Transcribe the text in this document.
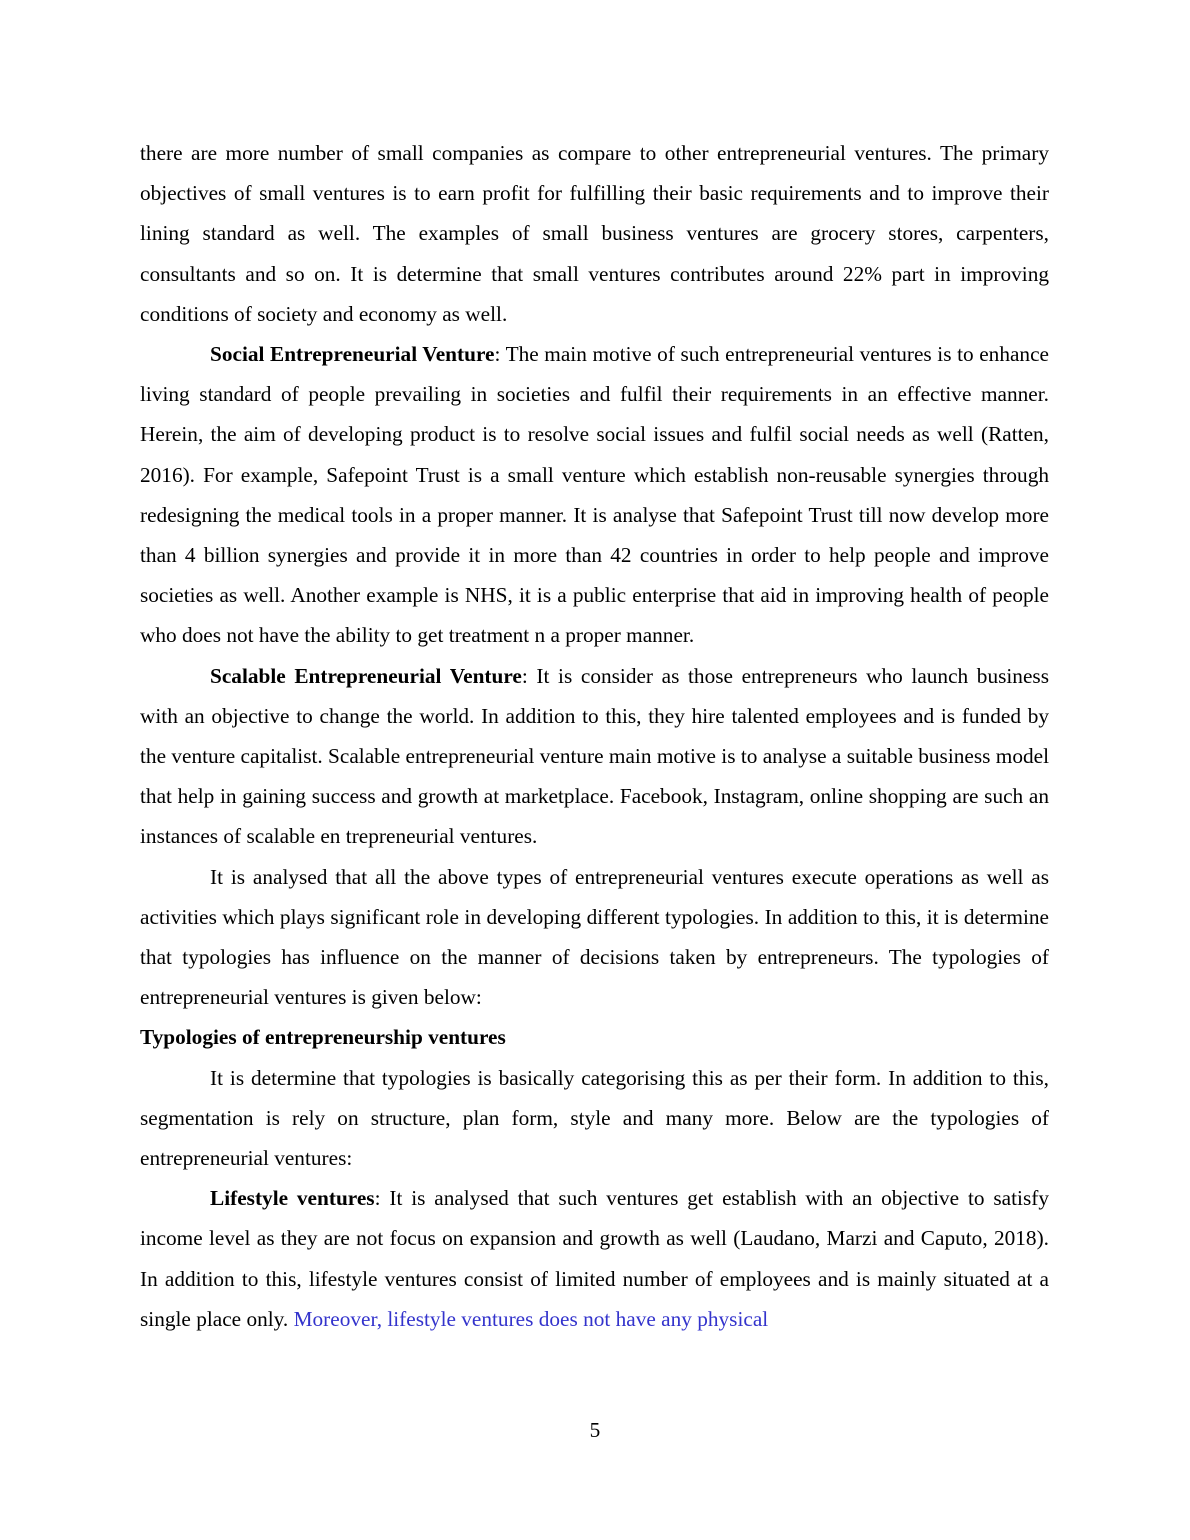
there are more number of small companies as compare to other entrepreneurial ventures. The primary objectives of small ventures is to earn profit for fulfilling their basic requirements and to improve their lining standard as well. The examples of small business ventures are grocery stores, carpenters, consultants and so on. It is determine that small ventures contributes around 22% part in improving conditions of society and economy as well.

Social Entrepreneurial Venture: The main motive of such entrepreneurial ventures is to enhance living standard of people prevailing in societies and fulfil their requirements in an effective manner. Herein, the aim of developing product is to resolve social issues and fulfil social needs as well (Ratten, 2016). For example, Safepoint Trust is a small venture which establish non-reusable synergies through redesigning the medical tools in a proper manner. It is analyse that Safepoint Trust till now develop more than 4 billion synergies and provide it in more than 42 countries in order to help people and improve societies as well. Another example is NHS, it is a public enterprise that aid in improving health of people who does not have the ability to get treatment n a proper manner.

Scalable Entrepreneurial Venture: It is consider as those entrepreneurs who launch business with an objective to change the world. In addition to this, they hire talented employees and is funded by the venture capitalist. Scalable entrepreneurial venture main motive is to analyse a suitable business model that help in gaining success and growth at marketplace. Facebook, Instagram, online shopping are such an instances of scalable en trepreneurial ventures.

It is analysed that all the above types of entrepreneurial ventures execute operations as well as activities which plays significant role in developing different typologies. In addition to this, it is determine that typologies has influence on the manner of decisions taken by entrepreneurs. The typologies of entrepreneurial ventures is given below:

Typologies of entrepreneurship ventures

It is determine that typologies is basically categorising this as per their form. In addition to this, segmentation is rely on structure, plan form, style and many more. Below are the typologies of entrepreneurial ventures:

Lifestyle ventures: It is analysed that such ventures get establish with an objective to satisfy income level as they are not focus on expansion and growth as well (Laudano, Marzi and Caputo, 2018). In addition to this, lifestyle ventures consist of limited number of employees and is mainly situated at a single place only. Moreover, lifestyle ventures does not have any physical

5
